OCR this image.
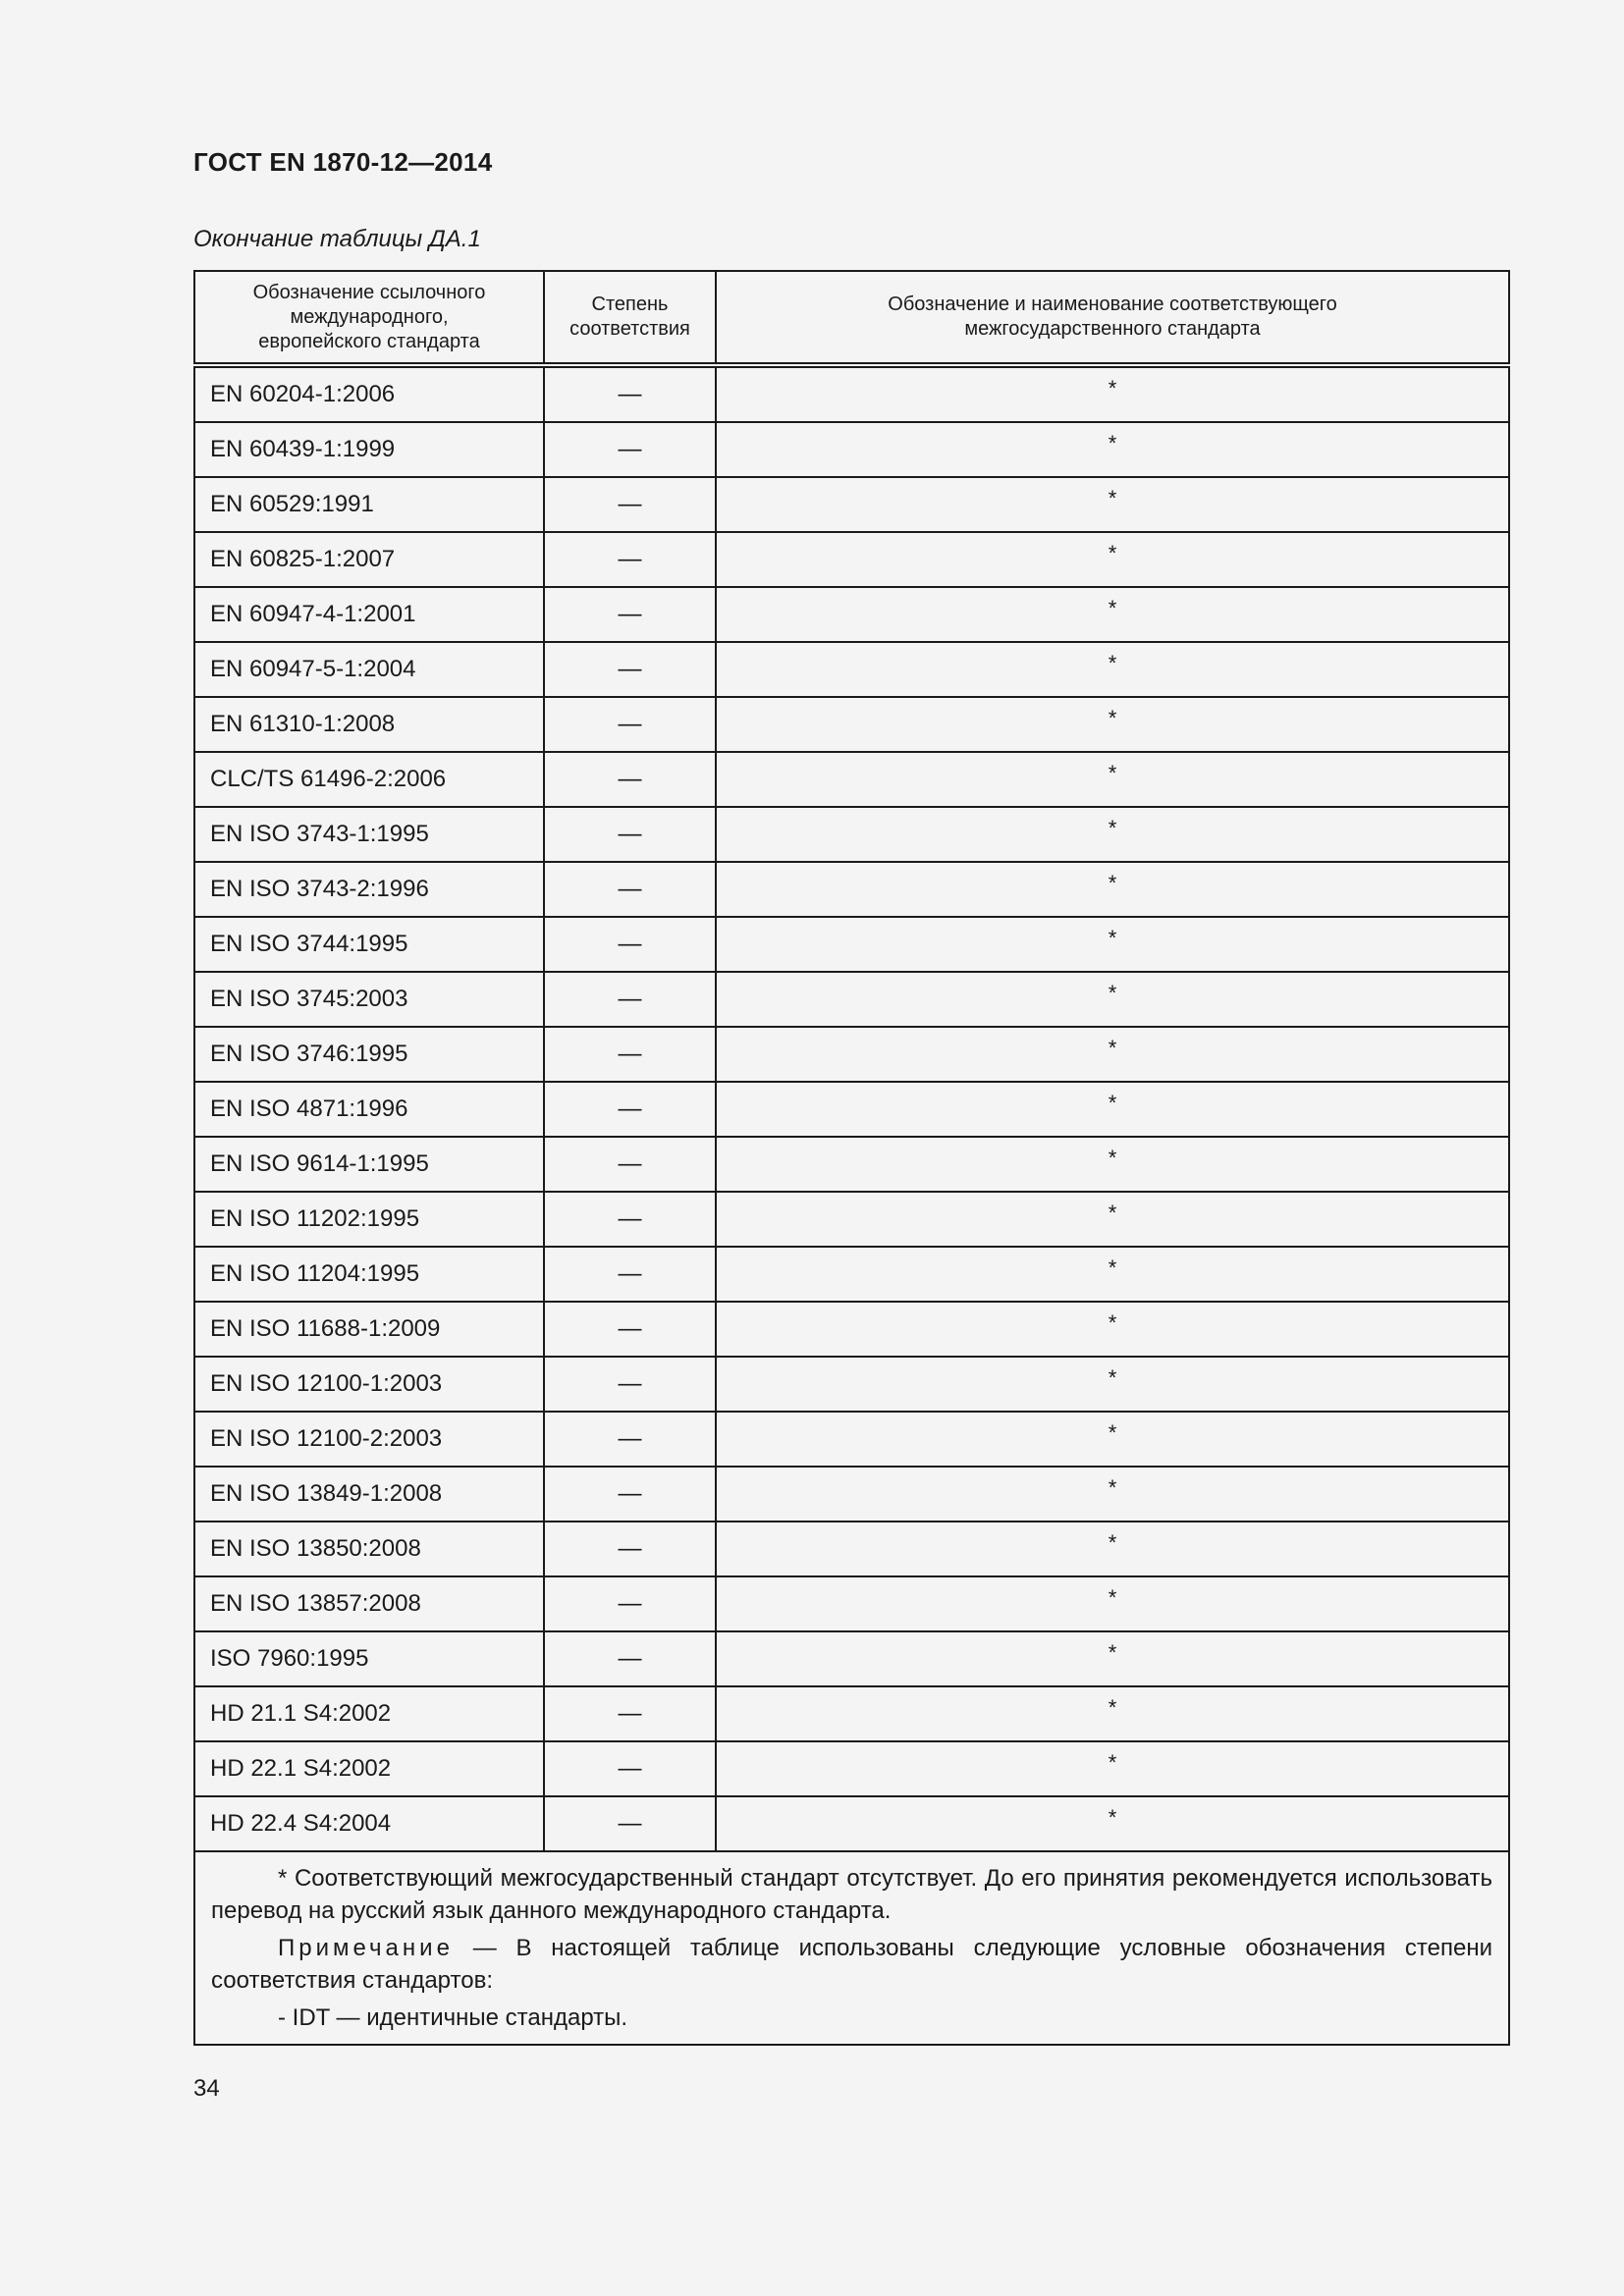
ГОСТ EN 1870-12—2014
Окончание таблицы ДА.1
Обозначение ссылочного международного, европейского стандарта	Степень соответствия	Обозначение и наименование соответствующего межгосударственного стандарта
EN 60204-1:2006	—	*
EN 60439-1:1999	—	*
EN 60529:1991	—	*
EN 60825-1:2007	—	*
EN 60947-4-1:2001	—	*
EN 60947-5-1:2004	—	*
EN 61310-1:2008	—	*
CLC/TS 61496-2:2006	—	*
EN ISO 3743-1:1995	—	*
EN ISO 3743-2:1996	—	*
EN ISO 3744:1995	—	*
EN ISO 3745:2003	—	*
EN ISO 3746:1995	—	*
EN ISO 4871:1996	—	*
EN ISO 9614-1:1995	—	*
EN ISO 11202:1995	—	*
EN ISO 11204:1995	—	*
EN ISO 11688-1:2009	—	*
EN ISO 12100-1:2003	—	*
EN ISO 12100-2:2003	—	*
EN ISO 13849-1:2008	—	*
EN ISO 13850:2008	—	*
EN ISO 13857:2008	—	*
ISO 7960:1995	—	*
HD 21.1 S4:2002	—	*
HD 22.1 S4:2002	—	*
HD 22.4 S4:2004	—	*

* Соответствующий межгосударственный стандарт отсутствует. До его принятия рекомендуется использовать перевод на русский язык данного международного стандарта.

Примечание — В настоящей таблице использованы следующие условные обозначения степени соответствия стандартов:

- IDT — идентичные стандарты.		

34
